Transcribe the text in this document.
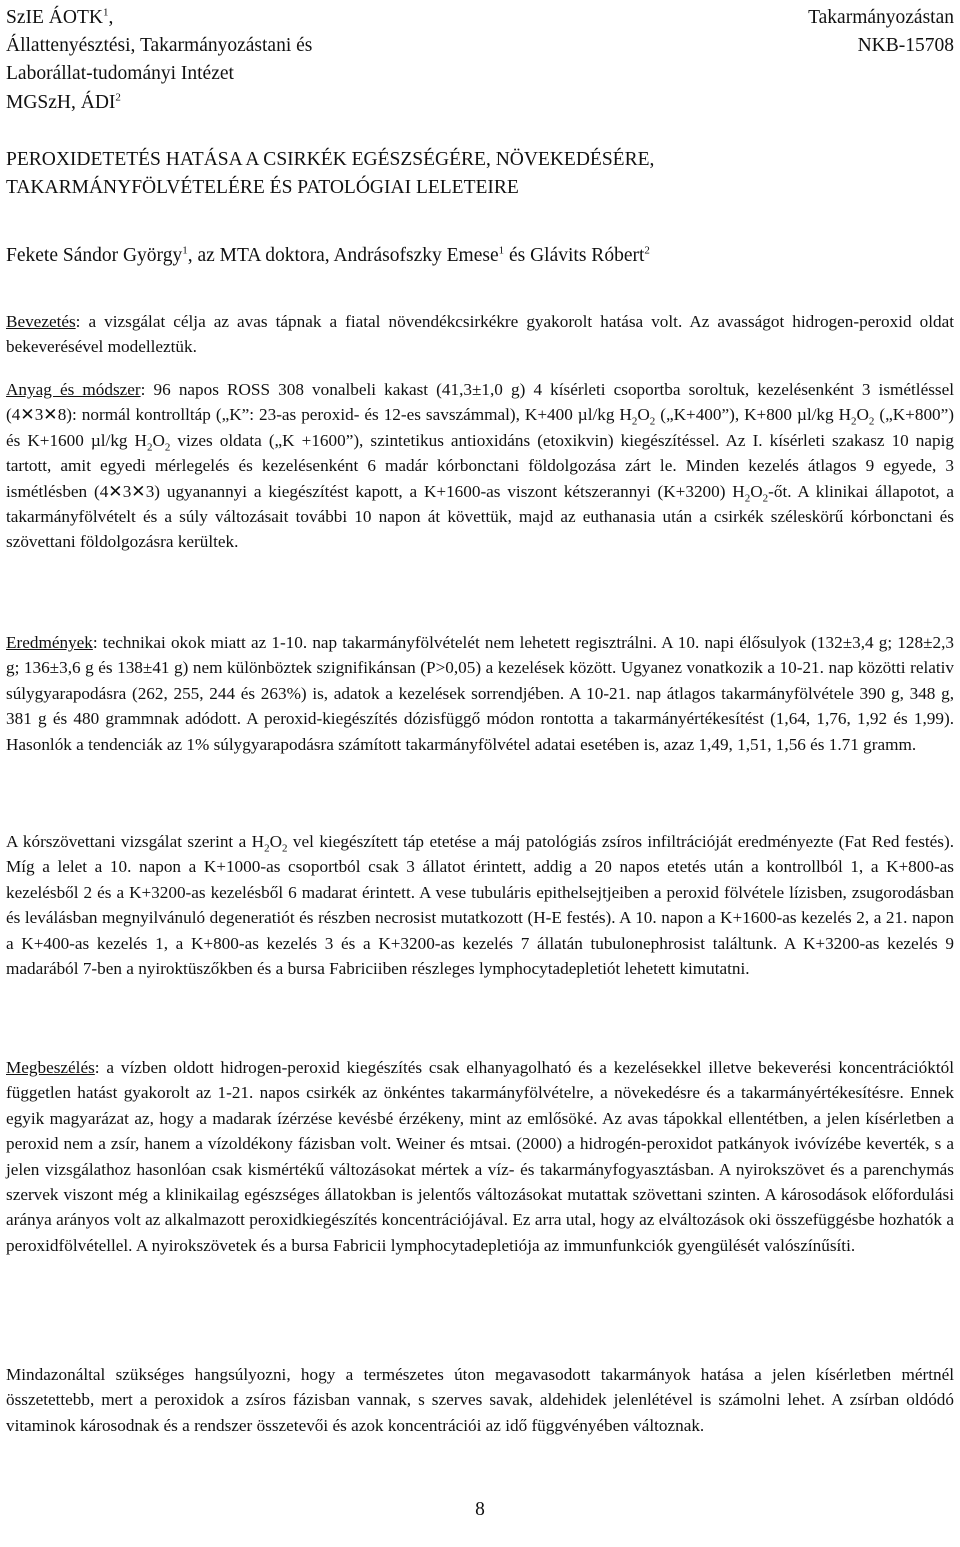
SzIE ÁOTK$^1$,
Állattenyésztési, Takarmányozástani és
Laborállat-tudományi Intézet
MGSzH, ÁDI$^2$
Takarmányozástan
NKB-15708
PEROXIDETETÉS HATÁSA A CSIRKÉK EGÉSZSÉGÉRE, NÖVEKEDÉSÉRE,
TAKARMÁNYFÖLVÉTELÉRE ÉS PATOLÓGIAI LELETEIRE
Fekete Sándor György$^1$, az MTA doktora, Andrásofszky Emese$^1$ és Glávits Róbert$^2$

Bevezetés: a vizsgálat célja az avas tápnak a fiatal növendékcsirkékre gyakorolt hatása volt. Az avasságot hidrogen-peroxid oldat bekeverésével modelleztük.

Anyag és módszer: 96 napos ROSS 308 vonalbeli kakast (41,3±1,0 g) 4 kísérleti csoportba soroltuk, kezelésenként 3 ismétléssel (4✕3✕8): normál kontrolltáp („K”: 23-as peroxid- és 12-es savszámmal), K+400 µl/kg $H_2O_2$ („K+400”), K+800 µl/kg $H_2O_2$ („K+800”) és K+1600 µl/kg $H_2O_2$ vizes oldata („K +1600”), szintetikus antioxidáns (etoxikvin) kiegészítéssel. Az I. kísérleti szakasz 10 napig tartott, amit egyedi mérlegelés és kezelésenként 6 madár kórbonctani földolgozása zárt le. Minden kezelés átlagos 9 egyede, 3 ismétlésben (4✕3✕3) ugyanannyi a kiegészítést kapott, a K+1600-as viszont kétszerannyi (K+3200) $H_2O_2-őt$. A klinikai állapotot, a takarmányfölvételt és a súly változásait további 10 napon át követtük, majd az euthanasia után a csirkék széleskörű kórbonctani és szövettani földolgozásra kerültek.

Eredmények: technikai okok miatt az 1-10. nap takarmányfölvételét nem lehetett regisztrálni. A 10. napi élősulyok (132±3,4 g; 128±2,3 g; 136±3,6 g és 138±41 g) nem különböztek szignifikánsan (P>0,05) a kezelések között. Ugyanez vonatkozik a 10-21. nap közötti relativ súlygyarapodásra (262, 255, 244 és 263%) is, adatok a kezelések sorrendjében. A 10-21. nap átlagos takarmányfölvétele 390 g, 348 g, 381 g és 480 grammnak adódott. A peroxid-kiegészítés dózisfüggő módon rontotta a takarmányértékesítést (1,64, 1,76, 1,92 és 1,99). Hasonlók a tendenciák az 1% súlygyarapodásra számított takarmányfölvétel adatai esetében is, azaz 1,49, 1,51, 1,56 és 1.71 gramm.

A kórszövettani vizsgálat szerint a $H_2O_2$ vel kiegészített táp etetése a máj patológiás zsíros infiltrációját eredményezte (Fat Red festés). Míg a lelet a 10. napon a K+1000-as csoportból csak 3 állatot érintett, addig a 20 napos etetés után a kontrollból 1, a K+800-as kezelésből 2 és a K+3200-as kezelésből 6 madarat érintett. A vese tubuláris epithelsejtjeiben a peroxid fölvétele lízisben, zsugorodásban és leválásban megnyilvánuló degeneratiót és részben necrosist mutatkozott (H-E festés). A 10. napon a K+1600-as kezelés 2, a 21. napon a K+400-as kezelés 1, a K+800-as kezelés 3 és a K+3200-as kezelés 7 állatán tubulonephrosist találtunk. A K+3200-as kezelés 9 madarából 7-ben a nyiroktüszőkben és a bursa Fabriciiben részleges lymphocytadepletiót lehetett kimutatni.

Megbeszélés: a vízben oldott hidrogen-peroxid kiegészítés csak elhanyagolható és a kezelésekkel illetve bekeverési koncentrációktól független hatást gyakorolt az 1-21. napos csirkék az önkéntes takarmányfölvételre, a növekedésre és a takarmányértékesítésre. Ennek egyik magyarázat az, hogy a madarak ízérzése kevésbé érzékeny, mint az emlősöké. Az avas tápokkal ellentétben, a jelen kísérletben a peroxid nem a zsír, hanem a vízoldékony fázisban volt. Weiner és mtsai. (2000) a hidrogén-peroxidot patkányok ivóvízébe keverték, s a jelen vizsgálathoz hasonlóan csak kismértékű változásokat mértek a víz- és takarmányfogyasztásban. A nyirokszövet és a parenchymás szervek viszont még a klinikailag egészséges állatokban is jelentős változásokat mutattak szövettani szinten. A károsodások előfordulási aránya arányos volt az alkalmazott peroxidkiegészítés koncentrációjával. Ez arra utal, hogy az elváltozások oki összefüggésbe hozhatók a peroxidfölvétellel. A nyirokszövetek és a bursa Fabricii lymphocytadepletiója az immunfunkciók gyengülését valószínűsíti.

Mindazonáltal szükséges hangsúlyozni, hogy a természetes úton megavasodott takarmányok hatása a jelen kísérletben mértnél összetettebb, mert a peroxidok a zsíros fázisban vannak, s szerves savak, aldehidek jelenlétével is számolni lehet. A zsírban oldódó vitaminok károsodnak és a rendszer összetevői és azok koncentrációi az idő függvényében változnak.

8
